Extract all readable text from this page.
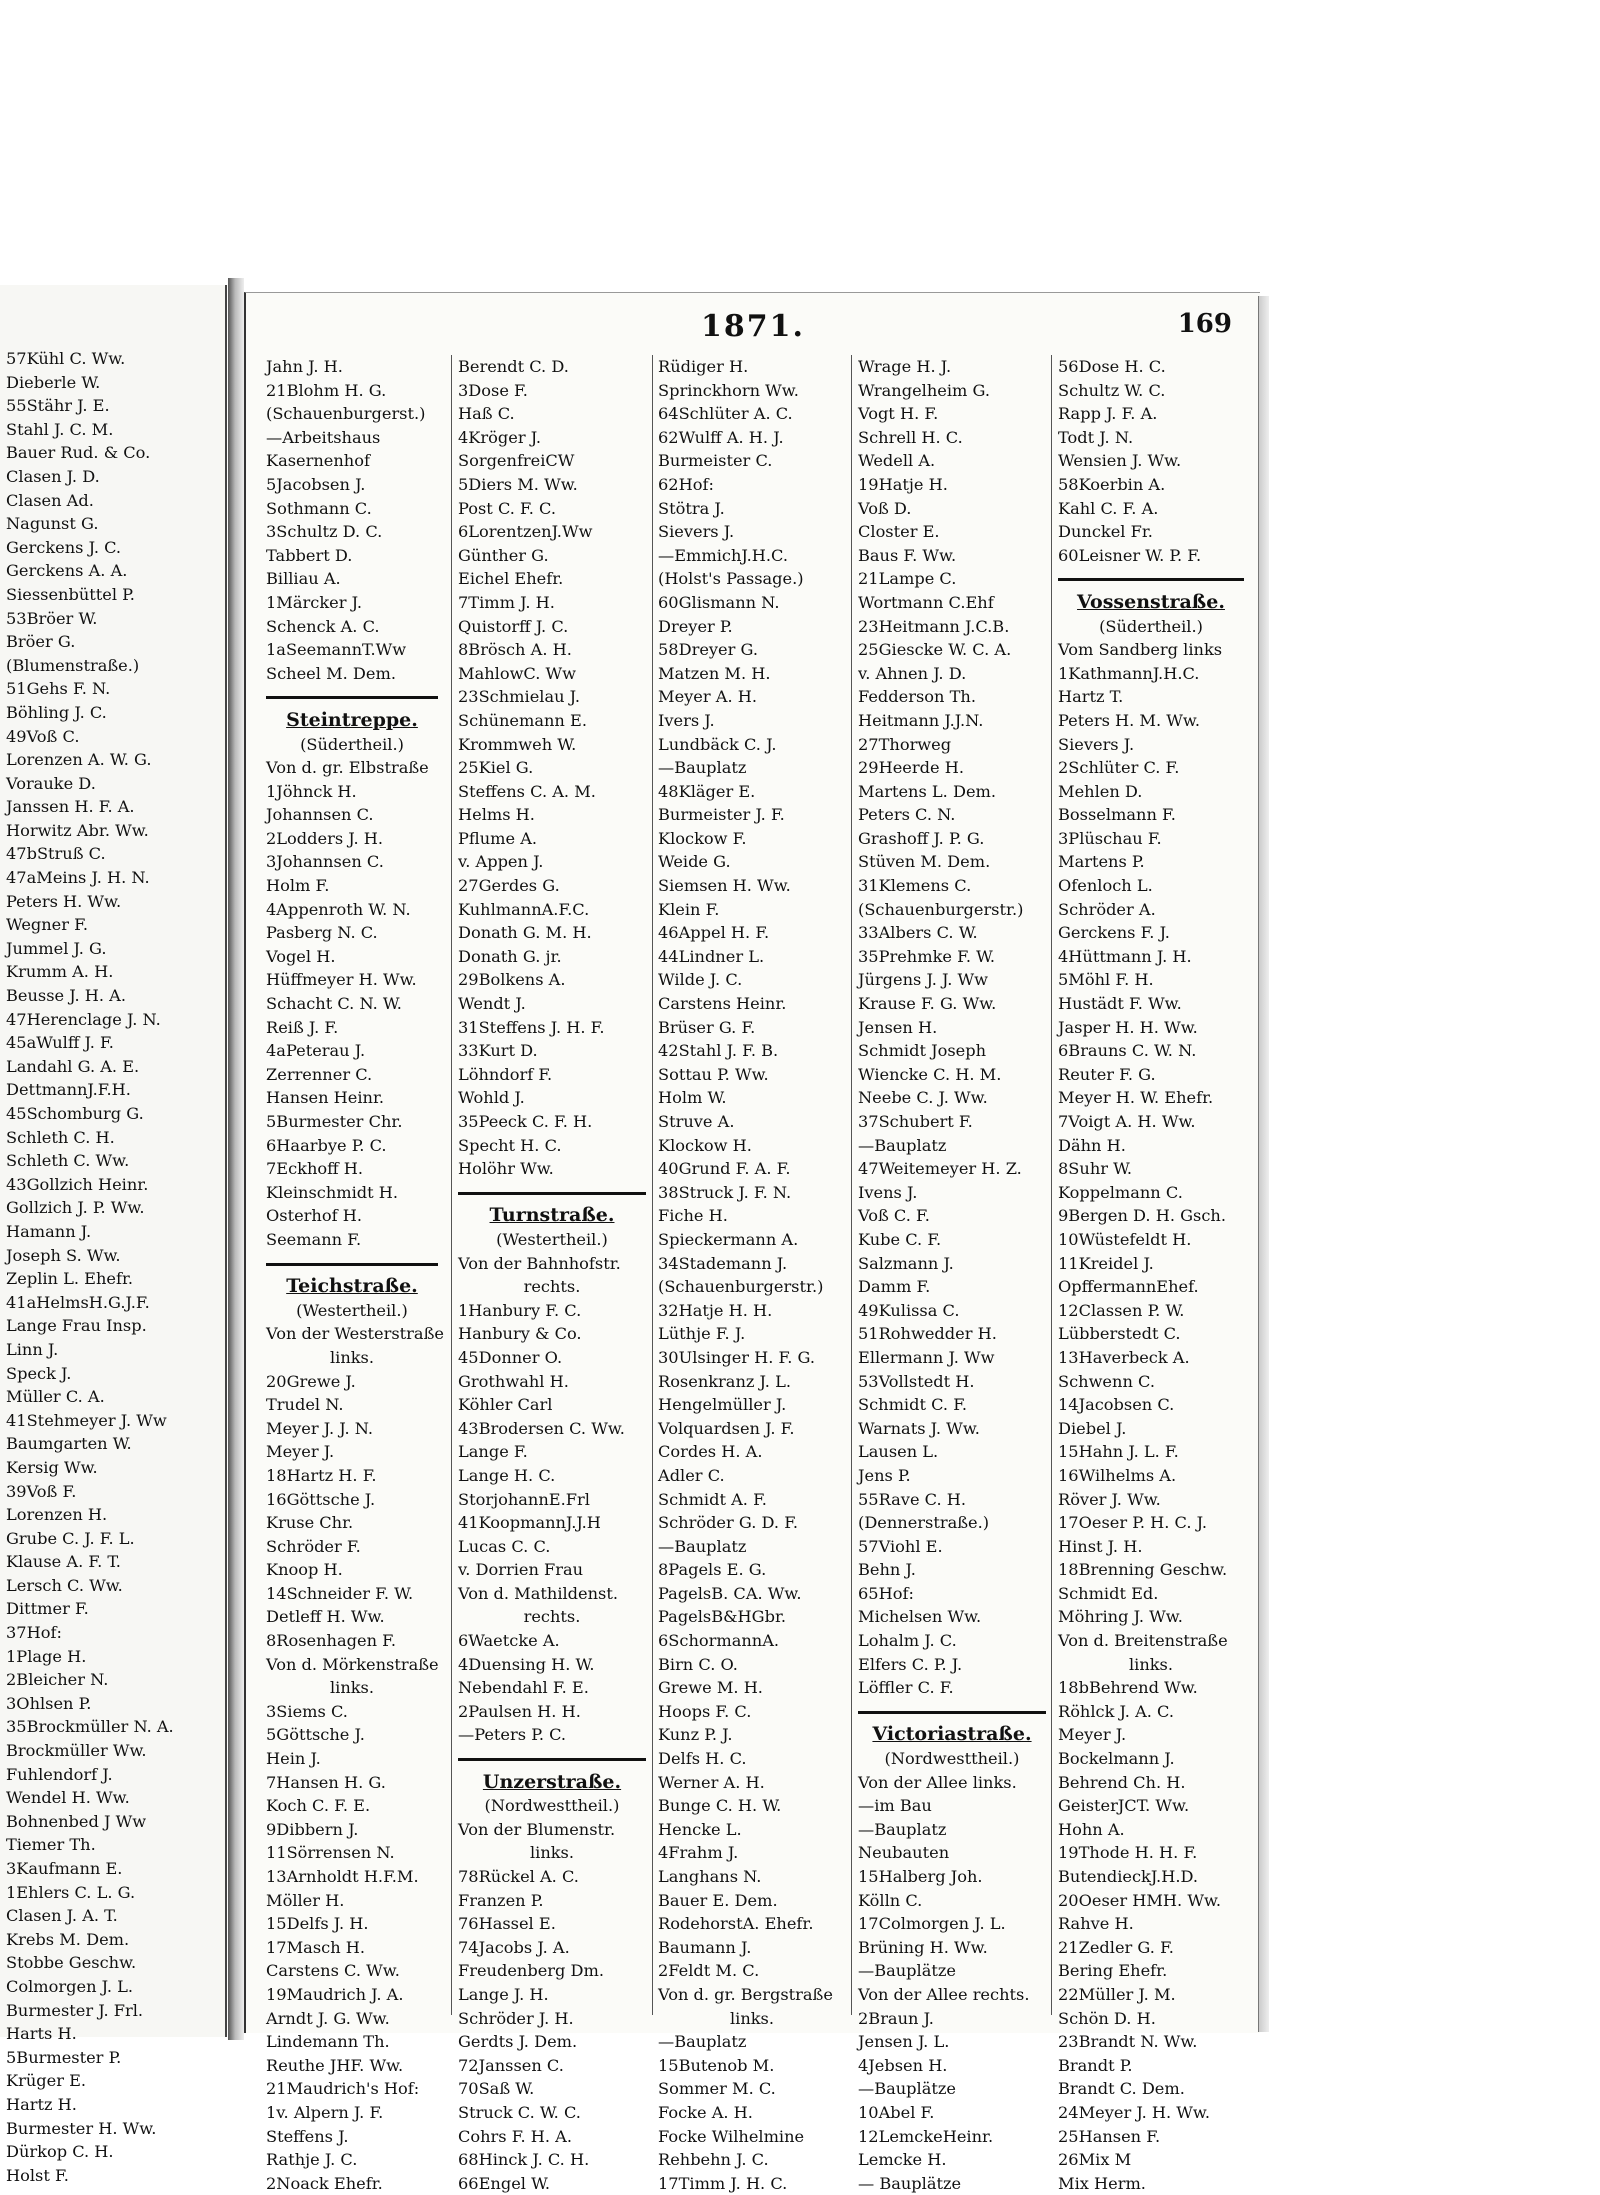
57Kühl C. Ww.
Dieberle W.
55Stähr J. E.
Stahl J. C. M.
Bauer Rud. & Co.
Clasen J. D.
Clasen Ad.
Nagunst G.
Gerckens J. C.
Gerckens A. A.
Siessenbüttel P.
53Bröer W.
Bröer G.
(Blumenstraße.)
51Gehs F. N.
Böhling J. C.
49Voß C.
Lorenzen A. W. G.
Vorauke D.
Janssen H. F. A.
Horwitz Abr. Ww.
47bStruß C.
47aMeins J. H. N.
Peters H. Ww.
Wegner F.
Jummel J. G.
Krumm A. H.
Beusse J. H. A.
47Herenclage J. N.
45aWulff J. F.
Landahl G. A. E.
DettmannJ.F.H.
45Schomburg G.
Schleth C. H.
Schleth C. Ww.
43Gollzich Heinr.
Gollzich J. P. Ww.
Hamann J.
Joseph S. Ww.
Zeplin L. Ehefr.
41aHelmsH.G.J.F.
Lange Frau Insp.
Linn J.
Speck J.
Müller C. A.
41Stehmeyer J. Ww
Baumgarten W.
Kersig Ww.
39Voß F.
Lorenzen H.
Grube C. J. F. L.
Klause A. F. T.
Lersch C. Ww.
Dittmer F.
37Hof:
1Plage H.
2Bleicher N.
3Ohlsen P.
35Brockmüller N. A.
Brockmüller Ww.
Fuhlendorf J.
Wendel H. Ww.
Bohnenbed J Ww
Tiemer Th.
3Kaufmann E.
1Ehlers C. L. G.
Clasen J. A. T.
Krebs M. Dem.
Stobbe Geschw.
Colmorgen J. L.
Burmester J. Frl.
Harts H.
5Burmester P.
Krüger E.
Hartz H.
Burmester H. Ww.
Dürkop C. H.
Holst F.
1871.	169
Jahn J. H.
21Blohm H. G.
(Schauenburgerst.)
—Arbeitshaus
Kasernenhof
5Jacobsen J.
Sothmann C.
3Schultz D. C.
Tabbert D.
Billiau A.
1Märcker J.
Schenck A. C.
1aSeemannT.Ww
Scheel M. Dem.
Steintreppe.
(Südertheil.)
Von d. gr. Elbstraße
1Jöhnck H.
Johannsen C.
2Lodders J. H.
3Johannsen C.
Holm F.
4Appenroth W. N.
Pasberg N. C.
Vogel H.
Hüffmeyer H. Ww.
Schacht C. N. W.
Reiß J. F.
4aPeterau J.
Zerrenner C.
Hansen Heinr.
5Burmester Chr.
6Haarbye P. C.
7Eckhoff H.
Kleinschmidt H.
Osterhof H.
Seemann F.
Teichstraße.
(Westertheil.)
Von der Westerstraße
links.
20Grewe J.
Trudel N.
Meyer J. J. N.
Meyer J.
18Hartz H. F.
16Göttsche J.
Kruse Chr.
Schröder F.
Knoop H.
14Schneider F. W.
Detleff H. Ww.
8Rosenhagen F.
Von d. Mörkenstraße
links.
3Siems C.
5Göttsche J.
Hein J.
7Hansen H. G.
Koch C. F. E.
9Dibbern J.
11Sörrensen N.
13Arnholdt H.F.M.
Möller H.
15Delfs J. H.
17Masch H.
Carstens C. Ww.
19Maudrich J. A.
Arndt J. G. Ww.
Lindemann Th.
Reuthe JHF. Ww.
21Maudrich's Hof:
1v. Alpern J. F.
Steffens J.
Rathje J. C.
2Noack Ehefr.
Berendt C. D.
3Dose F.
Haß C.
4Kröger J.
SorgenfreiCW
5Diers M. Ww.
Post C. F. C.
6LorentzenJ.Ww
Günther G.
Eichel Ehefr.
7Timm J. H.
Quistorff J. C.
8Brösch A. H.
MahlowC. Ww
23Schmielau J.
Schünemann E.
Krommweh W.
25Kiel G.
Steffens C. A. M.
Helms H.
Pflume A.
v. Appen J.
27Gerdes G.
KuhlmannA.F.C.
Donath G. M. H.
Donath G. jr.
29Bolkens A.
Wendt J.
31Steffens J. H. F.
33Kurt D.
Löhndorf F.
Wohld J.
35Peeck C. F. H.
Specht H. C.
Holöhr Ww.
Turnstraße.
(Westertheil.)
Von der Bahnhofstr.
rechts.
1Hanbury F. C.
Hanbury & Co.
45Donner O.
Grothwahl H.
Köhler Carl
43Brodersen C. Ww.
Lange F.
Lange H. C.
StorjohannE.Frl
41KoopmannJ.J.H
Lucas C. C.
v. Dorrien Frau
Von d. Mathildenst.
rechts.
6Waetcke A.
4Duensing H. W.
Nebendahl F. E.
2Paulsen H. H.
—Peters P. C.
Unzerstraße.
(Nordwesttheil.)
Von der Blumenstr.
links.
78Rückel A. C.
Franzen P.
76Hassel E.
74Jacobs J. A.
Freudenberg Dm.
Lange J. H.
Schröder J. H.
Gerdts J. Dem.
72Janssen C.
70Saß W.
Struck C. W. C.
Cohrs F. H. A.
68Hinck J. C. H.
66Engel W.
Rüdiger H.
Sprinckhorn Ww.
64Schlüter A. C.
62Wulff A. H. J.
Burmeister C.
62Hof:
Stötra J.
Sievers J.
—EmmichJ.H.C.
(Holst's Passage.)
60Glismann N.
Dreyer P.
58Dreyer G.
Matzen M. H.
Meyer A. H.
Ivers J.
Lundbäck C. J.
—Bauplatz
48Kläger E.
Burmeister J. F.
Klockow F.
Weide G.
Siemsen H. Ww.
Klein F.
46Appel H. F.
44Lindner L.
Wilde J. C.
Carstens Heinr.
Brüser G. F.
42Stahl J. F. B.
Sottau P. Ww.
Holm W.
Struve A.
Klockow H.
40Grund F. A. F.
38Struck J. F. N.
Fiche H.
Spieckermann A.
34Stademann J.
(Schauenburgerstr.)
32Hatje H. H.
Lüthje F. J.
30Ulsinger H. F. G.
Rosenkranz J. L.
Hengelmüller J.
Volquardsen J. F.
Cordes H. A.
Adler C.
Schmidt A. F.
Schröder G. D. F.
—Bauplatz
8Pagels E. G.
PagelsB. CA. Ww.
PagelsB&HGbr.
6SchormannA.
Birn C. O.
Grewe M. H.
Hoops F. C.
Kunz P. J.
Delfs H. C.
Werner A. H.
Bunge C. H. W.
Hencke L.
4Frahm J.
Langhans N.
Bauer E. Dem.
RodehorstA. Ehefr.
Baumann J.
2Feldt M. C.
Von d. gr. Bergstraße
links.
—Bauplatz
15Butenob M.
Sommer M. C.
Focke A. H.
Focke Wilhelmine
Rehbehn J. C.
17Timm J. H. C.
Wrage H. J.
Wrangelheim G.
Vogt H. F.
Schrell H. C.
Wedell A.
19Hatje H.
Voß D.
Closter E.
Baus F. Ww.
21Lampe C.
Wortmann C.Ehf
23Heitmann J.C.B.
25Giescke W. C. A.
v. Ahnen J. D.
Fedderson Th.
Heitmann J.J.N.
27Thorweg
29Heerde H.
Martens L. Dem.
Peters C. N.
Grashoff J. P. G.
Stüven M. Dem.
31Klemens C.
(Schauenburgerstr.)
33Albers C. W.
35Prehmke F. W.
Jürgens J. J. Ww
Krause F. G. Ww.
Jensen H.
Schmidt Joseph
Wiencke C. H. M.
Neebe C. J. Ww.
37Schubert F.
—Bauplatz
47Weitemeyer H. Z.
Ivens J.
Voß C. F.
Kube C. F.
Salzmann J.
Damm F.
49Kulissa C.
51Rohwedder H.
Ellermann J. Ww
53Vollstedt H.
Schmidt C. F.
Warnats J. Ww.
Lausen L.
Jens P.
55Rave C. H.
(Dennerstraße.)
57Viohl E.
Behn J.
65Hof:
Michelsen Ww.
Lohalm J. C.
Elfers C. P. J.
Löffler C. F.
Victoriastraße.
(Nordwesttheil.)
Von der Allee links.
—im Bau
—Bauplatz
Neubauten
15Halberg Joh.
Kölln C.
17Colmorgen J. L.
Brüning H. Ww.
—Bauplätze
Von der Allee rechts.
2Braun J.
Jensen J. L.
4Jebsen H.
—Bauplätze
10Abel F.
12LemckeHeinr.
Lemcke H.
— Bauplätze
56Dose H. C.
Schultz W. C.
Rapp J. F. A.
Todt J. N.
Wensien J. Ww.
58Koerbin A.
Kahl C. F. A.
Dunckel Fr.
60Leisner W. P. F.
Vossenstraße.
(Südertheil.)
Vom Sandberg links
1KathmannJ.H.C.
Hartz T.
Peters H. M. Ww.
Sievers J.
2Schlüter C. F.
Mehlen D.
Bosselmann F.
3Plüschau F.
Martens P.
Ofenloch L.
Schröder A.
Gerckens F. J.
4Hüttmann J. H.
5Möhl F. H.
Hustädt F. Ww.
Jasper H. H. Ww.
6Brauns C. W. N.
Reuter F. G.
Meyer H. W. Ehefr.
7Voigt A. H. Ww.
Dähn H.
8Suhr W.
Koppelmann C.
9Bergen D. H. Gsch.
10Wüstefeldt H.
11Kreidel J.
OpffermannEhef.
12Classen P. W.
Lübberstedt C.
13Haverbeck A.
Schwenn C.
14Jacobsen C.
Diebel J.
15Hahn J. L. F.
16Wilhelms A.
Röver J. Ww.
17Oeser P. H. C. J.
Hinst J. H.
18Brenning Geschw.
Schmidt Ed.
Möhring J. Ww.
Von d. Breitenstraße
links.
18bBehrend Ww.
Röhlck J. A. C.
Meyer J.
Bockelmann J.
Behrend Ch. H.
GeisterJCT. Ww.
Hohn A.
19Thode H. H. F.
ButendieckJ.H.D.
20Oeser HMH. Ww.
Rahve H.
21Zedler G. F.
Bering Ehefr.
22Müller J. M.
Schön D. H.
23Brandt N. Ww.
Brandt P.
Brandt C. Dem.
24Meyer J. H. Ww.
25Hansen F.
26Mix M
Mix Herm.
